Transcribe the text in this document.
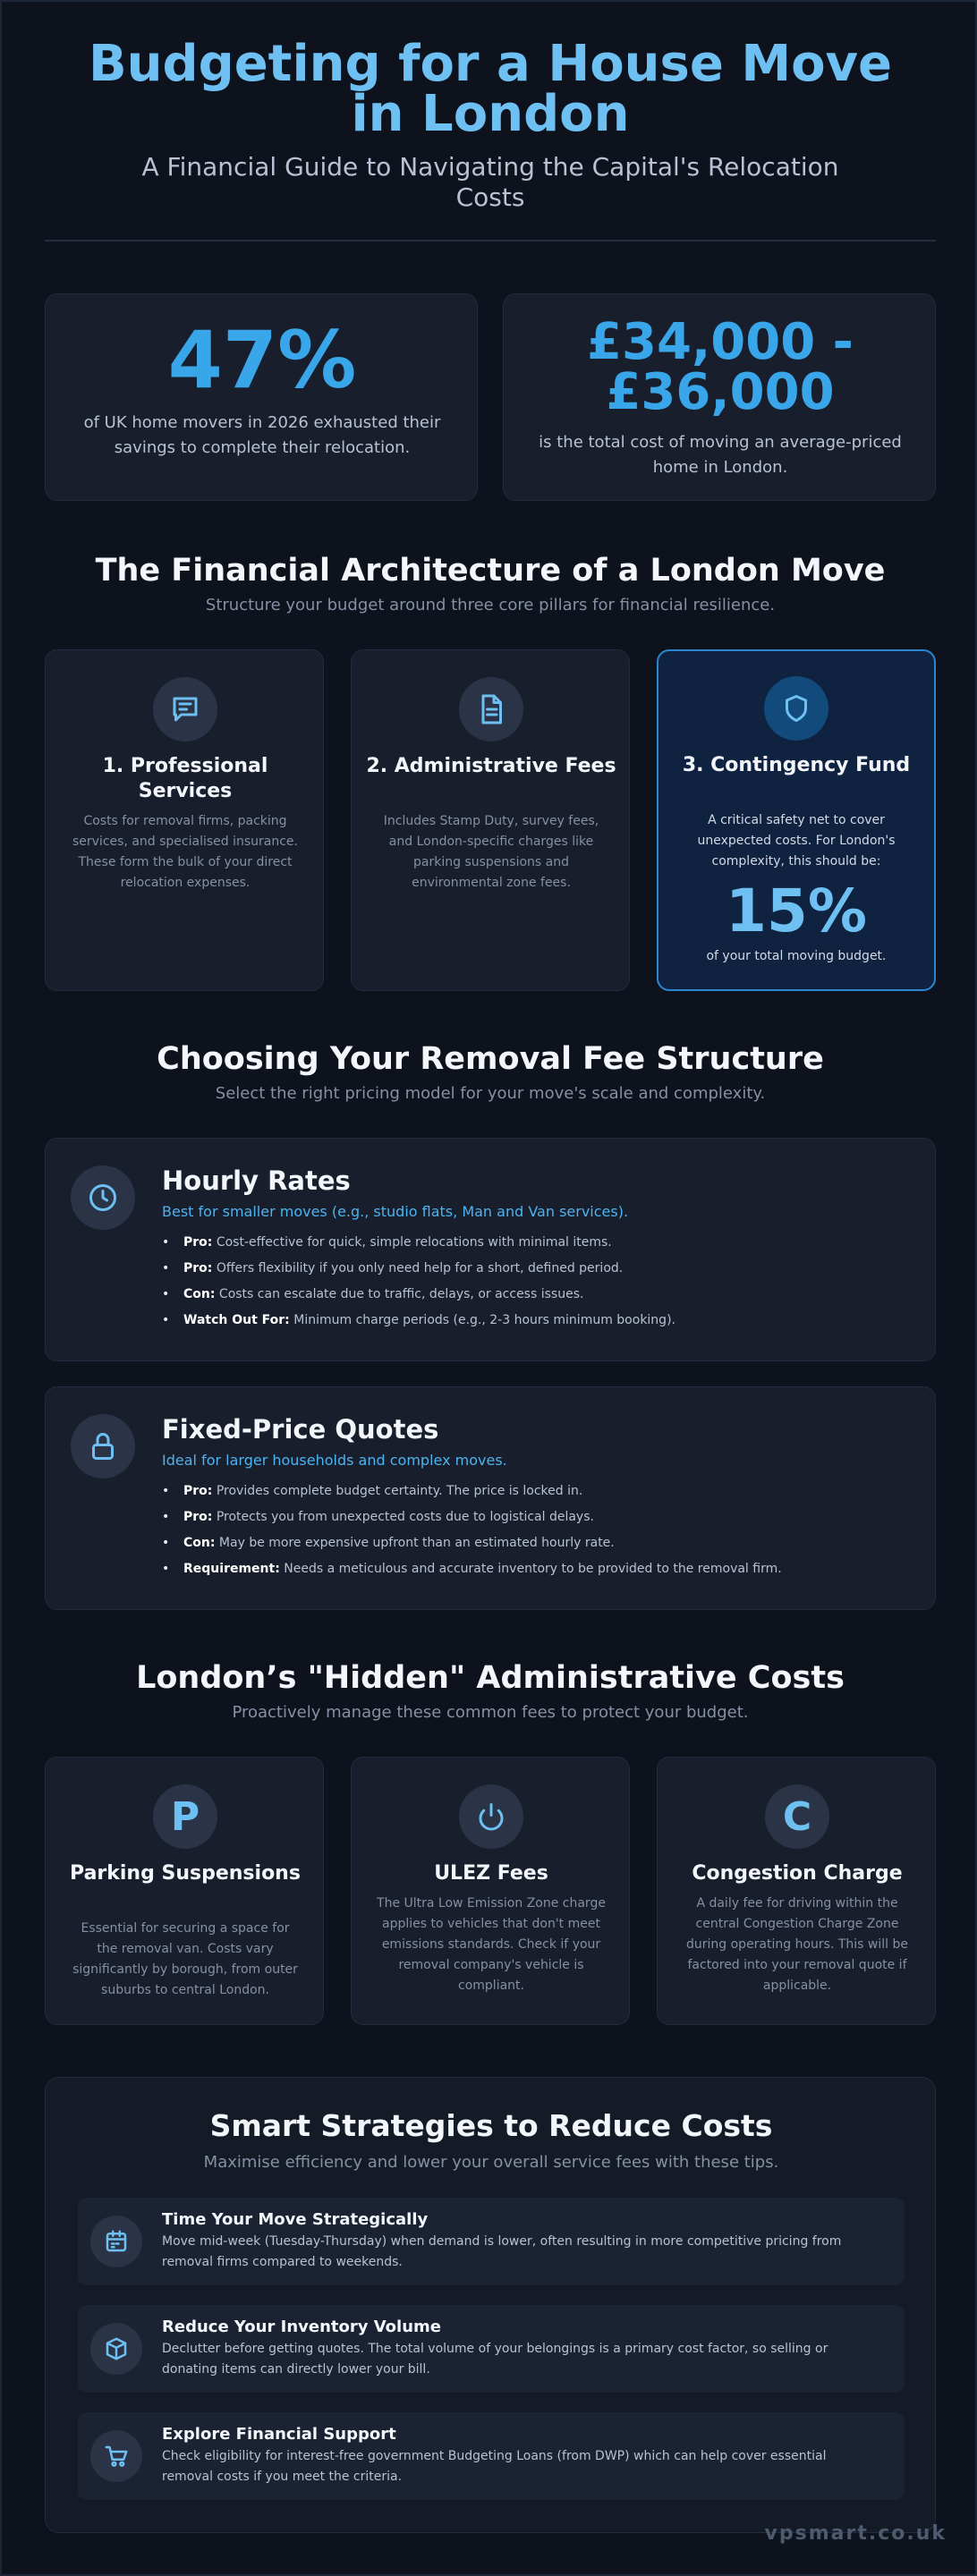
Budgeting for a House Move in London
A Financial Guide to Navigating the Capital's Relocation Costs
47%
of UK home movers in 2026 exhausted their savings to complete their relocation.
£34,000 - £36,000
is the total cost of moving an average-priced home in London.
The Financial Architecture of a London Move
Structure your budget around three core pillars for financial resilience.
1. Professional Services
Costs for removal firms, packing services, and specialised insurance. These form the bulk of your direct relocation expenses.
2. Administrative Fees
Includes Stamp Duty, survey fees, and London-specific charges like parking suspensions and environmental zone fees.
3. Contingency Fund
A critical safety net to cover unexpected costs. For London's complexity, this should be:
15%
of your total moving budget.
Choosing Your Removal Fee Structure
Select the right pricing model for your move's scale and complexity.
Hourly Rates
Best for smaller moves (e.g., studio flats, Man and Van services).
• Pro: Cost-effective for quick, simple relocations with minimal items.
• Pro: Offers flexibility if you only need help for a short, defined period.
• Con: Costs can escalate due to traffic, delays, or access issues.
• Watch Out For: Minimum charge periods (e.g., 2-3 hours minimum booking).
Fixed-Price Quotes
Ideal for larger households and complex moves.
• Pro: Provides complete budget certainty. The price is locked in.
• Pro: Protects you from unexpected costs due to logistical delays.
• Con: May be more expensive upfront than an estimated hourly rate.
• Requirement: Needs a meticulous and accurate inventory to be provided to the removal firm.
London’s "Hidden" Administrative Costs
Proactively manage these common fees to protect your budget.
P
Parking Suspensions
Essential for securing a space for the removal van. Costs vary significantly by borough, from outer suburbs to central London.
ULEZ Fees
The Ultra Low Emission Zone charge applies to vehicles that don't meet emissions standards. Check if your removal company's vehicle is compliant.
C
Congestion Charge
A daily fee for driving within the central Congestion Charge Zone during operating hours. This will be factored into your removal quote if applicable.
Smart Strategies to Reduce Costs
Maximise efficiency and lower your overall service fees with these tips.
Time Your Move Strategically
Move mid-week (Tuesday-Thursday) when demand is lower, often resulting in more competitive pricing from removal firms compared to weekends.
Reduce Your Inventory Volume
Declutter before getting quotes. The total volume of your belongings is a primary cost factor, so selling or donating items can directly lower your bill.
Explore Financial Support
Check eligibility for interest-free government Budgeting Loans (from DWP) which can help cover essential removal costs if you meet the criteria.
vpsmart.co.uk
